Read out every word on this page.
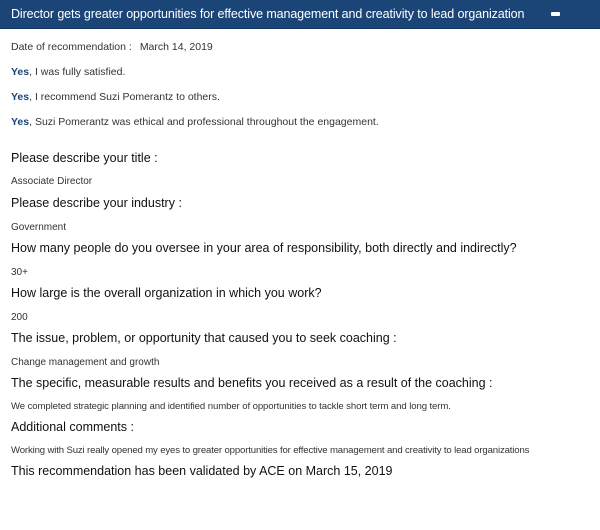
Director gets greater opportunities for effective management and creativity to lead organization
Date of recommendation : March 14, 2019
Yes, I was fully satisfied.
Yes, I recommend Suzi Pomerantz to others.
Yes, Suzi Pomerantz was ethical and professional throughout the engagement.
Please describe your title :
Associate Director
Please describe your industry :
Government
How many people do you oversee in your area of responsibility, both directly and indirectly?
30+
How large is the overall organization in which you work?
200
The issue, problem, or opportunity that caused you to seek coaching :
Change management and growth
The specific, measurable results and benefits you received as a result of the coaching :
We completed strategic planning and identified number of opportunities to tackle short term and long term.
Additional comments :
Working with Suzi really opened my eyes to greater opportunities for effective management and creativity to lead organizations
This recommendation has been validated by ACE on March 15, 2019
